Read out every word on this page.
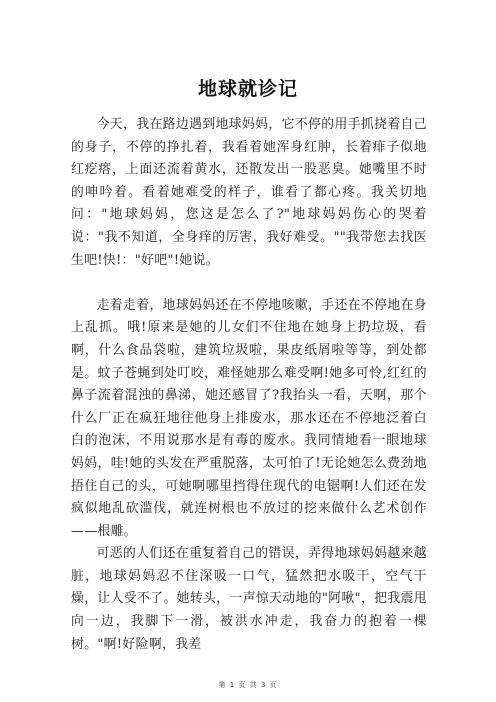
地球就诊记

今天，我在路边遇到地球妈妈，它不停的用手抓挠着自己的身子，不停的挣扎着，我看着她浑身红肿，长着痱子似地红疙瘩，上面还流着黄水，还散发出一股恶臭。她嘴里不时的呻吟着。看着她难受的样子，谁看了都心疼。我关切地问："地球妈妈，您这是怎么了?"地球妈妈伤心的哭着说："我不知道，全身痒的厉害，我好难受。""我带您去找医生吧!快!："好吧"!她说。

走着走着，地球妈妈还在不停地咳嗽，手还在不停地在身上乱抓。哦!原来是她的儿女们不住地在她身上扔垃圾，看啊，什么食品袋啦，建筑垃圾啦，果皮纸屑啦等等，到处都是。蚊子苍蝇到处叮咬，难怪她那么难受啊!她多可怜,红红的鼻子流着混浊的鼻涕，她还感冒了?我抬头一看，天啊，那个什么厂正在疯狂地往他身上排废水，那水还在不停地泛着白白的泡沫，不用说那水是有毒的废水。我同情地看一眼地球妈妈，哇!她的头发在严重脱落，太可怕了!无论她怎么费劲地捂住自己的头，可她啊哪里挡得住现代的电锯啊!人们还在发疯似地乱砍滥伐，就连树根也不放过的挖来做什么艺术创作——根雕。

可恶的人们还在重复着自己的错误，弄得地球妈妈越来越脏，地球妈妈忍不住深吸一口气，猛然把水吸干，空气干燥，让人受不了。她转头，一声惊天动地的"阿啾"，把我震甩向一边，我脚下一滑，被洪水冲走，我奋力的抱着一棵树。"啊!好险啊，我差

第 1 页 共 3 页
